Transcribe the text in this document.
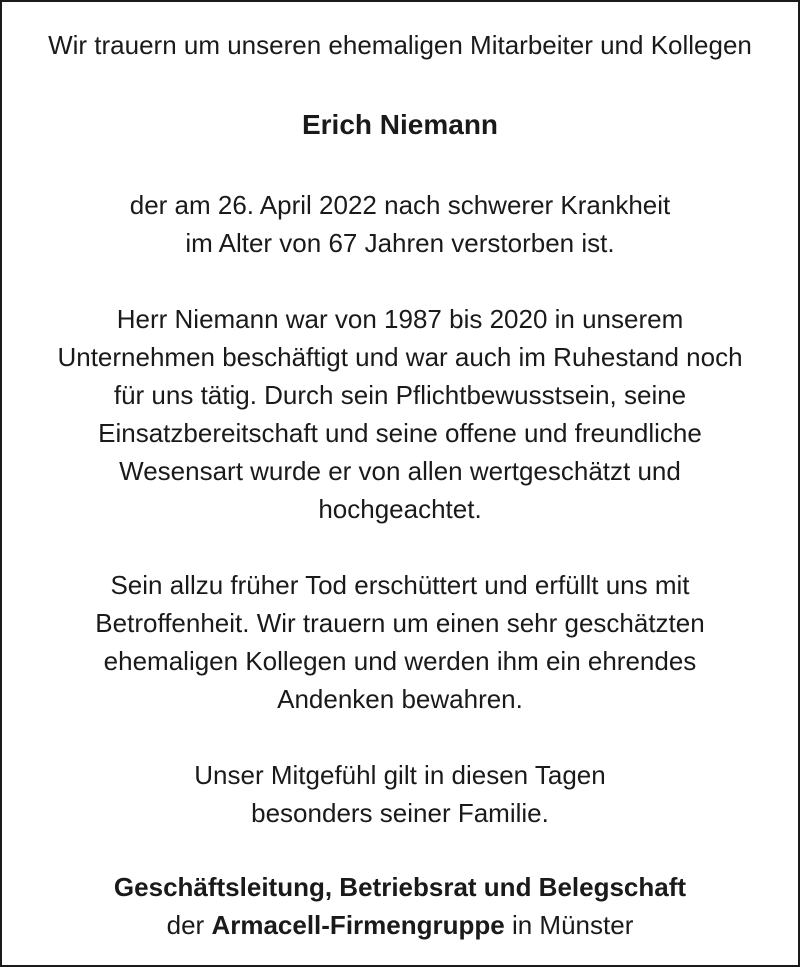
Wir trauern um unseren ehemaligen Mitarbeiter und Kollegen
Erich Niemann
der am 26. April 2022 nach schwerer Krankheit
im Alter von 67 Jahren verstorben ist.
Herr Niemann war von 1987 bis 2020 in unserem
Unternehmen beschäftigt und war auch im Ruhestand noch
für uns tätig. Durch sein Pflichtbewusstsein, seine
Einsatzbereitschaft und seine offene und freundliche
Wesensart wurde er von allen wertgeschätzt und
hochgeachtet.
Sein allzu früher Tod erschüttert und erfüllt uns mit
Betroffenheit. Wir trauern um einen sehr geschätzten
ehemaligen Kollegen und werden ihm ein ehrendes
Andenken bewahren.
Unser Mitgefühl gilt in diesen Tagen
besonders seiner Familie.
Geschäftsleitung, Betriebsrat und Belegschaft
der Armacell-Firmengruppe in Münster
